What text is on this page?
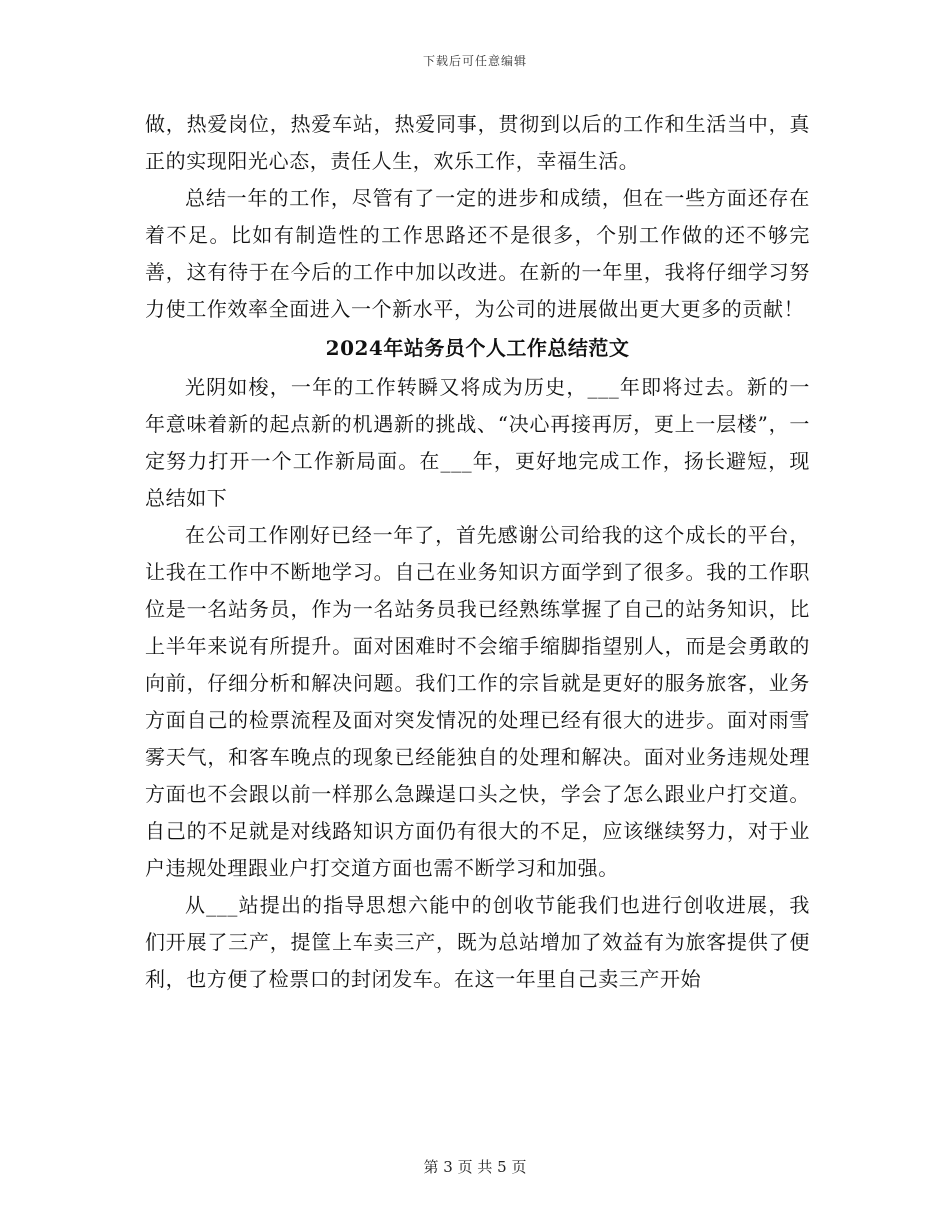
下载后可任意编辑

做，热爱岗位，热爱车站，热爱同事，贯彻到以后的工作和生活当中，真正的实现阳光心态，责任人生，欢乐工作，幸福生活。

总结一年的工作，尽管有了一定的进步和成绩，但在一些方面还存在着不足。比如有制造性的工作思路还不是很多，个别工作做的还不够完善，这有待于在今后的工作中加以改进。在新的一年里，我将仔细学习努力使工作效率全面进入一个新水平，为公司的进展做出更大更多的贡献！

2024年站务员个人工作总结范文

光阴如梭，一年的工作转瞬又将成为历史，___年即将过去。新的一年意味着新的起点新的机遇新的挑战、“决心再接再厉，更上一层楼”，一定努力打开一个工作新局面。在___年，更好地完成工作，扬长避短，现总结如下

在公司工作刚好已经一年了，首先感谢公司给我的这个成长的平台，让我在工作中不断地学习。自己在业务知识方面学到了很多。我的工作职位是一名站务员，作为一名站务员我已经熟练掌握了自己的站务知识，比上半年来说有所提升。面对困难时不会缩手缩脚指望别人，而是会勇敢的向前，仔细分析和解决问题。我们工作的宗旨就是更好的服务旅客，业务方面自己的检票流程及面对突发情况的处理已经有很大的进步。面对雨雪雾天气，和客车晚点的现象已经能独自的处理和解决。面对业务违规处理方面也不会跟以前一样那么急躁逞口头之快，学会了怎么跟业户打交道。自己的不足就是对线路知识方面仍有很大的不足，应该继续努力，对于业户违规处理跟业户打交道方面也需不断学习和加强。

从___站提出的指导思想六能中的创收节能我们也进行创收进展，我们开展了三产，提筐上车卖三产，既为总站增加了效益有为旅客提供了便利，也方便了检票口的封闭发车。在这一年里自己卖三产开始

第 3 页 共 5 页
